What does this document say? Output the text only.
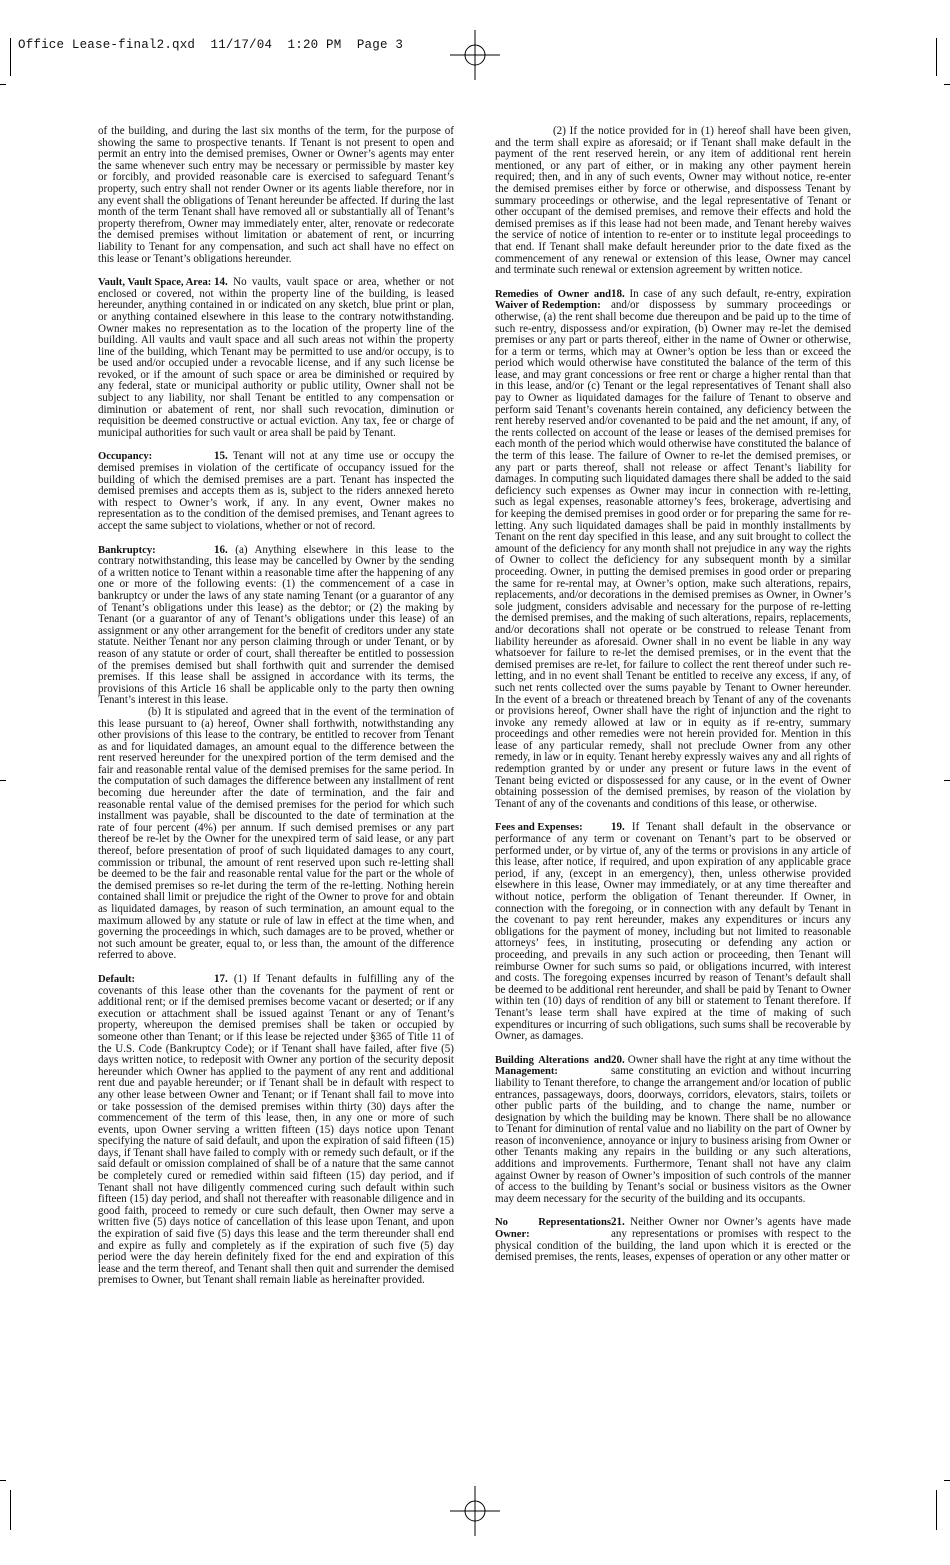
Office Lease-final2.qxd  11/17/04  1:20 PM  Page 3

of the building, and during the last six months of the term, for the purpose of showing the same to prospective tenants. If Tenant is not present to open and permit an entry into the demised premises, Owner or Owner’s agents may enter the same whenever such entry may be necessary or permissible by master key or forcibly, and provided reasonable care is exercised to safeguard Tenant’s property, such entry shall not render Owner or its agents liable therefore, nor in any event shall the obligations of Tenant hereunder be affected. If during the last month of the term Tenant shall have removed all or substantially all of Tenant’s property therefrom, Owner may immediately enter, alter, renovate or redecorate the demised premises without limitation or abatement of rent, or incurring liability to Tenant for any compensation, and such act shall have no effect on this lease or Tenant’s obligations hereunder.

Vault, Vault Space, Area: 14. No vaults, vault space or area, whether or not enclosed or covered, not within the property line of the building, is leased hereunder, anything contained in or indicated on any sketch, blue print or plan, or anything contained elsewhere in this lease to the contrary notwithstanding. Owner makes no representation as to the location of the property line of the building. All vaults and vault space and all such areas not within the property line of the building, which Tenant may be permitted to use and/or occupy, is to be used and/or occupied under a revocable license, and if any such license be revoked, or if the amount of such space or area be diminished or required by any federal, state or municipal authority or public utility, Owner shall not be subject to any liability, nor shall Tenant be entitled to any compensation or diminution or abatement of rent, nor shall such revocation, diminution or requisition be deemed constructive or actual eviction. Any tax, fee or charge of municipal authorities for such vault or area shall be paid by Tenant.

Occupancy:	15. Tenant will not at any time use or occupy the demised premises in violation of the certificate of occupancy issued for the building of which the demised premises are a part. Tenant has inspected the demised premises and accepts them as is, subject to the riders annexed hereto with respect to Owner’s work, if any. In any event, Owner makes no representation as to the condition of the demised premises, and Tenant agrees to accept the same subject to violations, whether or not of record.

Bankruptcy:	16. (a) Anything elsewhere in this lease to the contrary notwithstanding, this lease may be cancelled by Owner by the sending of a written notice to Tenant within a reasonable time after the happening of any one or more of the following events: (1) the commencement of a case in bankruptcy or under the laws of any state naming Tenant (or a guarantor of any of Tenant’s obligations under this lease) as the debtor; or (2) the making by Tenant (or a guarantor of any of Tenant’s obligations under this lease) of an assignment or any other arrangement for the benefit of creditors under any state statute. Neither Tenant nor any person claiming through or under Tenant, or by reason of any statute or order of court, shall thereafter be entitled to possession of the premises demised but shall forthwith quit and surrender the demised premises. If this lease shall be assigned in accordance with its terms, the provisions of this Article 16 shall be applicable only to the party then owning Tenant’s interest in this lease.

(b) It is stipulated and agreed that in the event of the termination of this lease pursuant to (a) hereof, Owner shall forthwith, notwithstanding any other provisions of this lease to the contrary, be entitled to recover from Tenant as and for liquidated damages, an amount equal to the difference between the rent reserved hereunder for the unexpired portion of the term demised and the fair and reasonable rental value of the demised premises for the same period. In the computation of such damages the difference between any installment of rent becoming due hereunder after the date of termination, and the fair and reasonable rental value of the demised premises for the period for which such installment was payable, shall be discounted to the date of termination at the rate of four percent (4%) per annum. If such demised premises or any part thereof be re-let by the Owner for the unexpired term of said lease, or any part thereof, before presentation of proof of such liquidated damages to any court, commission or tribunal, the amount of rent reserved upon such re-letting shall be deemed to be the fair and reasonable rental value for the part or the whole of the demised premises so re-let during the term of the re-letting. Nothing herein contained shall limit or prejudice the right of the Owner to prove for and obtain as liquidated damages, by reason of such termination, an amount equal to the maximum allowed by any statute or rule of law in effect at the time when, and governing the proceedings in which, such damages are to be proved, whether or not such amount be greater, equal to, or less than, the amount of the difference referred to above.

Default:	17. (1) If Tenant defaults in fulfilling any of the covenants of this lease other than the covenants for the payment of rent or additional rent; or if the demised premises become vacant or deserted; or if any execution or attachment shall be issued against Tenant or any of Tenant’s property, whereupon the demised premises shall be taken or occupied by someone other than Tenant; or if this lease be rejected under §365 of Title 11 of the U.S. Code (Bankruptcy Code); or if Tenant shall have failed, after five (5) days written notice, to redeposit with Owner any portion of the security deposit hereunder which Owner has applied to the payment of any rent and additional rent due and payable hereunder; or if Tenant shall be in default with respect to any other lease between Owner and Tenant; or if Tenant shall fail to move into or take possession of the demised premises within thirty (30) days after the commencement of the term of this lease, then, in any one or more of such events, upon Owner serving a written fifteen (15) days notice upon Tenant specifying the nature of said default, and upon the expiration of said fifteen (15) days, if Tenant shall have failed to comply with or remedy such default, or if the said default or omission complained of shall be of a nature that the same cannot be completely cured or remedied within said fifteen (15) day period, and if Tenant shall not have diligently commenced curing such default within such fifteen (15) day period, and shall not thereafter with reasonable diligence and in good faith, proceed to remedy or cure such default, then Owner may serve a written five (5) days notice of cancellation of this lease upon Tenant, and upon the expiration of said five (5) days this lease and the term thereunder shall end and expire as fully and completely as if the expiration of such five (5) day period were the day herein definitely fixed for the end and expiration of this lease and the term thereof, and Tenant shall then quit and surrender the demised premises to Owner, but Tenant shall remain liable as hereinafter provided.

(2) If the notice provided for in (1) hereof shall have been given, and the term shall expire as aforesaid; or if Tenant shall make default in the payment of the rent reserved herein, or any item of additional rent herein mentioned, or any part of either, or in making any other payment herein required; then, and in any of such events, Owner may without notice, re-enter the demised premises either by force or otherwise, and dispossess Tenant by summary proceedings or otherwise, and the legal representative of Tenant or other occupant of the demised premises, and remove their effects and hold the demised premises as if this lease had not been made, and Tenant hereby waives the service of notice of intention to re-enter or to institute legal proceedings to that end. If Tenant shall make default hereunder prior to the date fixed as the commencement of any renewal or extension of this lease, Owner may cancel and terminate such renewal or extension agreement by written notice.

Remedies of Owner and Waiver of Redemption:

18. In case of any such default, re-entry, expiration and/or dispossess by summary proceedings or otherwise, (a) the rent shall become due thereupon and be paid up to the time of such re-entry, dispossess and/or expiration, (b) Owner may re-let the demised premises or any part or parts thereof, either in the name of Owner or otherwise, for a term or terms, which may at Owner’s option be less than or exceed the period which would otherwise have constituted the balance of the term of this lease, and may grant concessions or free rent or charge a higher rental than that in this lease, and/or (c) Tenant or the legal representatives of Tenant shall also pay to Owner as liquidated damages for the failure of Tenant to observe and perform said Tenant’s covenants herein contained, any deficiency between the rent hereby reserved and/or covenanted to be paid and the net amount, if any, of the rents collected on account of the lease or leases of the demised premises for each month of the period which would otherwise have constituted the balance of the term of this lease. The failure of Owner to re-let the demised premises, or any part or parts thereof, shall not release or affect Tenant’s liability for damages. In computing such liquidated damages there shall be added to the said deficiency such expenses as Owner may incur in connection with re-letting, such as legal expenses, reasonable attorney’s fees, brokerage, advertising and for keeping the demised premises in good order or for preparing the same for re-letting. Any such liquidated damages shall be paid in monthly installments by Tenant on the rent day specified in this lease, and any suit brought to collect the amount of the deficiency for any month shall not prejudice in any way the rights of Owner to collect the deficiency for any subsequent month by a similar proceeding. Owner, in putting the demised premises in good order or preparing the same for re-rental may, at Owner’s option, make such alterations, repairs, replacements, and/or decorations in the demised premises as Owner, in Owner’s sole judgment, considers advisable and necessary for the purpose of re-letting the demised premises, and the making of such alterations, repairs, replacements, and/or decorations shall not operate or be construed to release Tenant from liability hereunder as aforesaid. Owner shall in no event be liable in any way whatsoever for failure to re-let the demised premises, or in the event that the demised premises are re-let, for failure to collect the rent thereof under such re-letting, and in no event shall Tenant be entitled to receive any excess, if any, of such net rents collected over the sums payable by Tenant to Owner hereunder. In the event of a breach or threatened breach by Tenant of any of the covenants or provisions hereof, Owner shall have the right of injunction and the right to invoke any remedy allowed at law or in equity as if re-entry, summary proceedings and other remedies were not herein provided for. Mention in this lease of any particular remedy, shall not preclude Owner from any other remedy, in law or in equity. Tenant hereby expressly waives any and all rights of redemption granted by or under any present or future laws in the event of Tenant being evicted or dispossessed for any cause, or in the event of Owner obtaining possession of the demised premises, by reason of the violation by Tenant of any of the covenants and conditions of this lease, or otherwise.

Fees and Expenses:	19. If Tenant shall default in the observance or performance of any term or covenant on Tenant’s part to be observed or performed under, or by virtue of, any of the terms or provisions in any article of this lease, after notice, if required, and upon expiration of any applicable grace period, if any, (except in an emergency), then, unless otherwise provided elsewhere in this lease, Owner may immediately, or at any time thereafter and without notice, perform the obligation of Tenant thereunder. If Owner, in connection with the foregoing, or in connection with any default by Tenant in the covenant to pay rent hereunder, makes any expenditures or incurs any obligations for the payment of money, including but not limited to reasonable attorneys’ fees, in instituting, prosecuting or defending any action or proceeding, and prevails in any such action or proceeding, then Tenant will reimburse Owner for such sums so paid, or obligations incurred, with interest and costs. The foregoing expenses incurred by reason of Tenant’s default shall be deemed to be additional rent hereunder, and shall be paid by Tenant to Owner within ten (10) days of rendition of any bill or statement to Tenant therefore. If Tenant’s lease term shall have expired at the time of making of such expenditures or incurring of such obligations, such sums shall be recoverable by Owner, as damages.

Building Alterations and Management:

20. Owner shall have the right at any time without the same constituting an eviction and without incurring liability to Tenant therefore, to change the arrangement and/or location of public entrances, passageways, doors, doorways, corridors, elevators, stairs, toilets or other public parts of the building, and to change the name, number or designation by which the building may be known. There shall be no allowance to Tenant for diminution of rental value and no liability on the part of Owner by reason of inconvenience, annoyance or injury to business arising from Owner or other Tenants making any repairs in the building or any such alterations, additions and improvements. Furthermore, Tenant shall not have any claim against Owner by reason of Owner’s imposition of such controls of the manner of access to the building by Tenant’s social or business visitors as the Owner may deem necessary for the security of the building and its occupants.

No Representations Owner:

21. Neither Owner nor Owner’s agents have made any representations or promises with respect to the physical condition of the building, the land upon which it is erected or the demised premises, the rents, leases, expenses of operation or any other matter or
